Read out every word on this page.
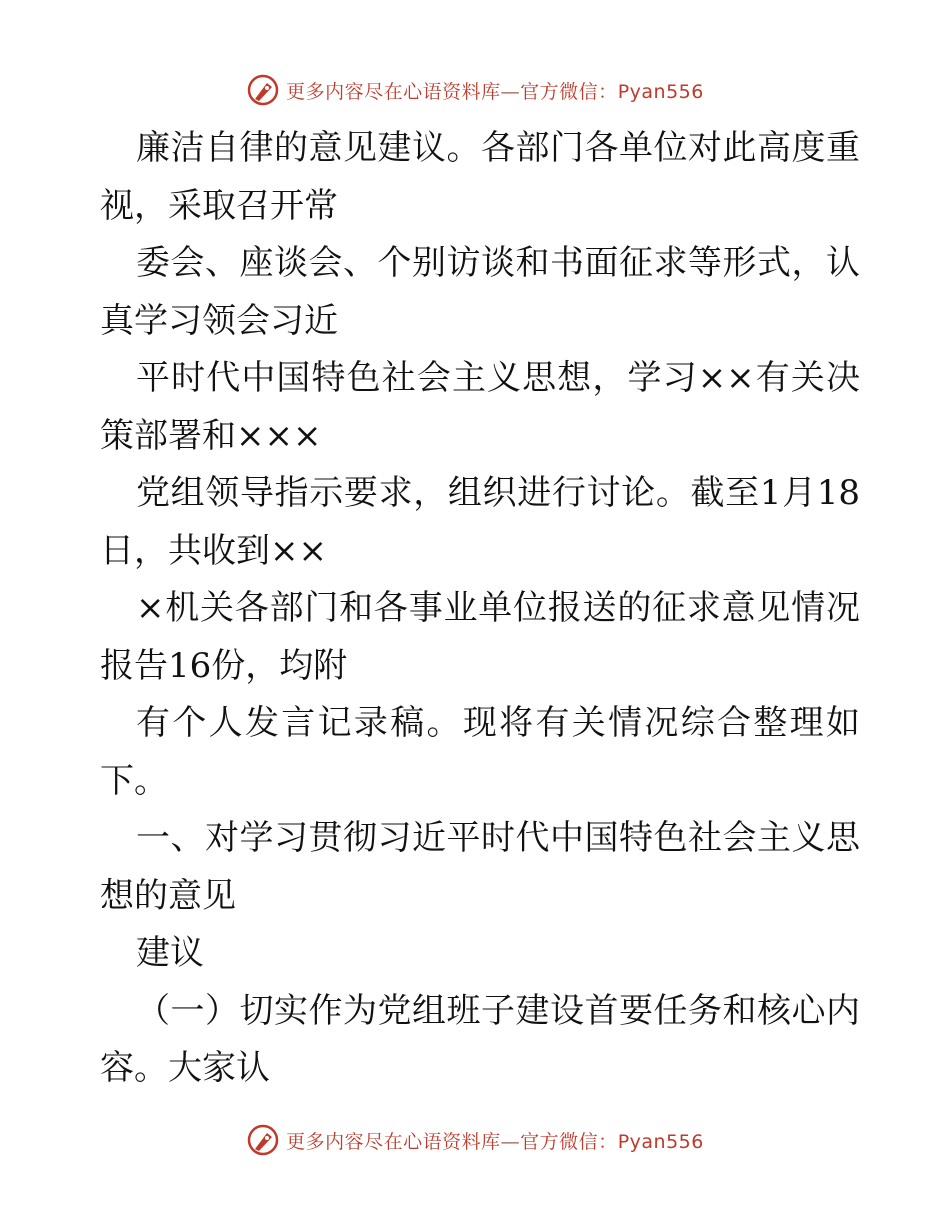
更多内容尽在心语资料库—官方微信：Pyan556

廉洁自律的意见建议。各部门各单位对此高度重视，采取召开常

委会、座谈会、个别访谈和书面征求等形式，认真学习领会习近

平时代中国特色社会主义思想，学习××有关决策部署和×××

党组领导指示要求，组织进行讨论。截至1月18日，共收到××

×机关各部门和各事业单位报送的征求意见情况报告16份，均附

有个人发言记录稿。现将有关情况综合整理如下。

一、对学习贯彻习近平时代中国特色社会主义思想的意见

建议

（一）切实作为党组班子建设首要任务和核心内容。大家认

更多内容尽在心语资料库—官方微信：Pyan556
